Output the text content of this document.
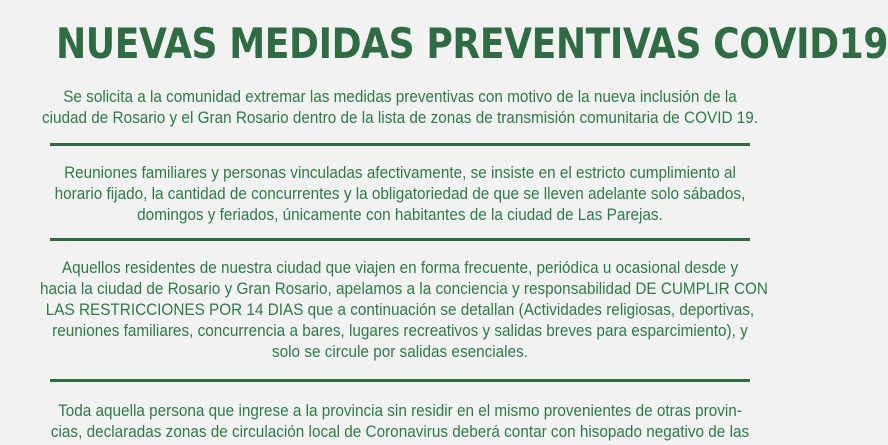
NUEVAS MEDIDAS PREVENTIVAS COVID19
Se solicita a la comunidad extremar las medidas preventivas con motivo de la nueva inclusión de la
ciudad de Rosario y el Gran Rosario dentro de la lista de zonas de transmisión comunitaria de COVID 19.
Reuniones familiares y personas vinculadas afectivamente, se insiste en el estricto cumplimiento al
horario fijado, la cantidad de concurrentes y la obligatoriedad de que se lleven adelante solo sábados,
domingos y feriados, únicamente con habitantes de la ciudad de Las Parejas.
Aquellos residentes de nuestra ciudad que viajen en forma frecuente, periódica u ocasional desde y
hacia la ciudad de Rosario y Gran Rosario, apelamos a la conciencia y responsabilidad DE CUMPLIR CON
LAS RESTRICCIONES POR 14 DIAS que a continuación se detallan (Actividades religiosas, deportivas,
reuniones familiares, concurrencia a bares, lugares recreativos y salidas breves para esparcimiento), y
solo se circule por salidas esenciales.
Toda aquella persona que ingrese a la provincia sin residir en el mismo provenientes de otras provin-
cias, declaradas zonas de circulación local de Coronavirus deberá contar con hisopado negativo de las
